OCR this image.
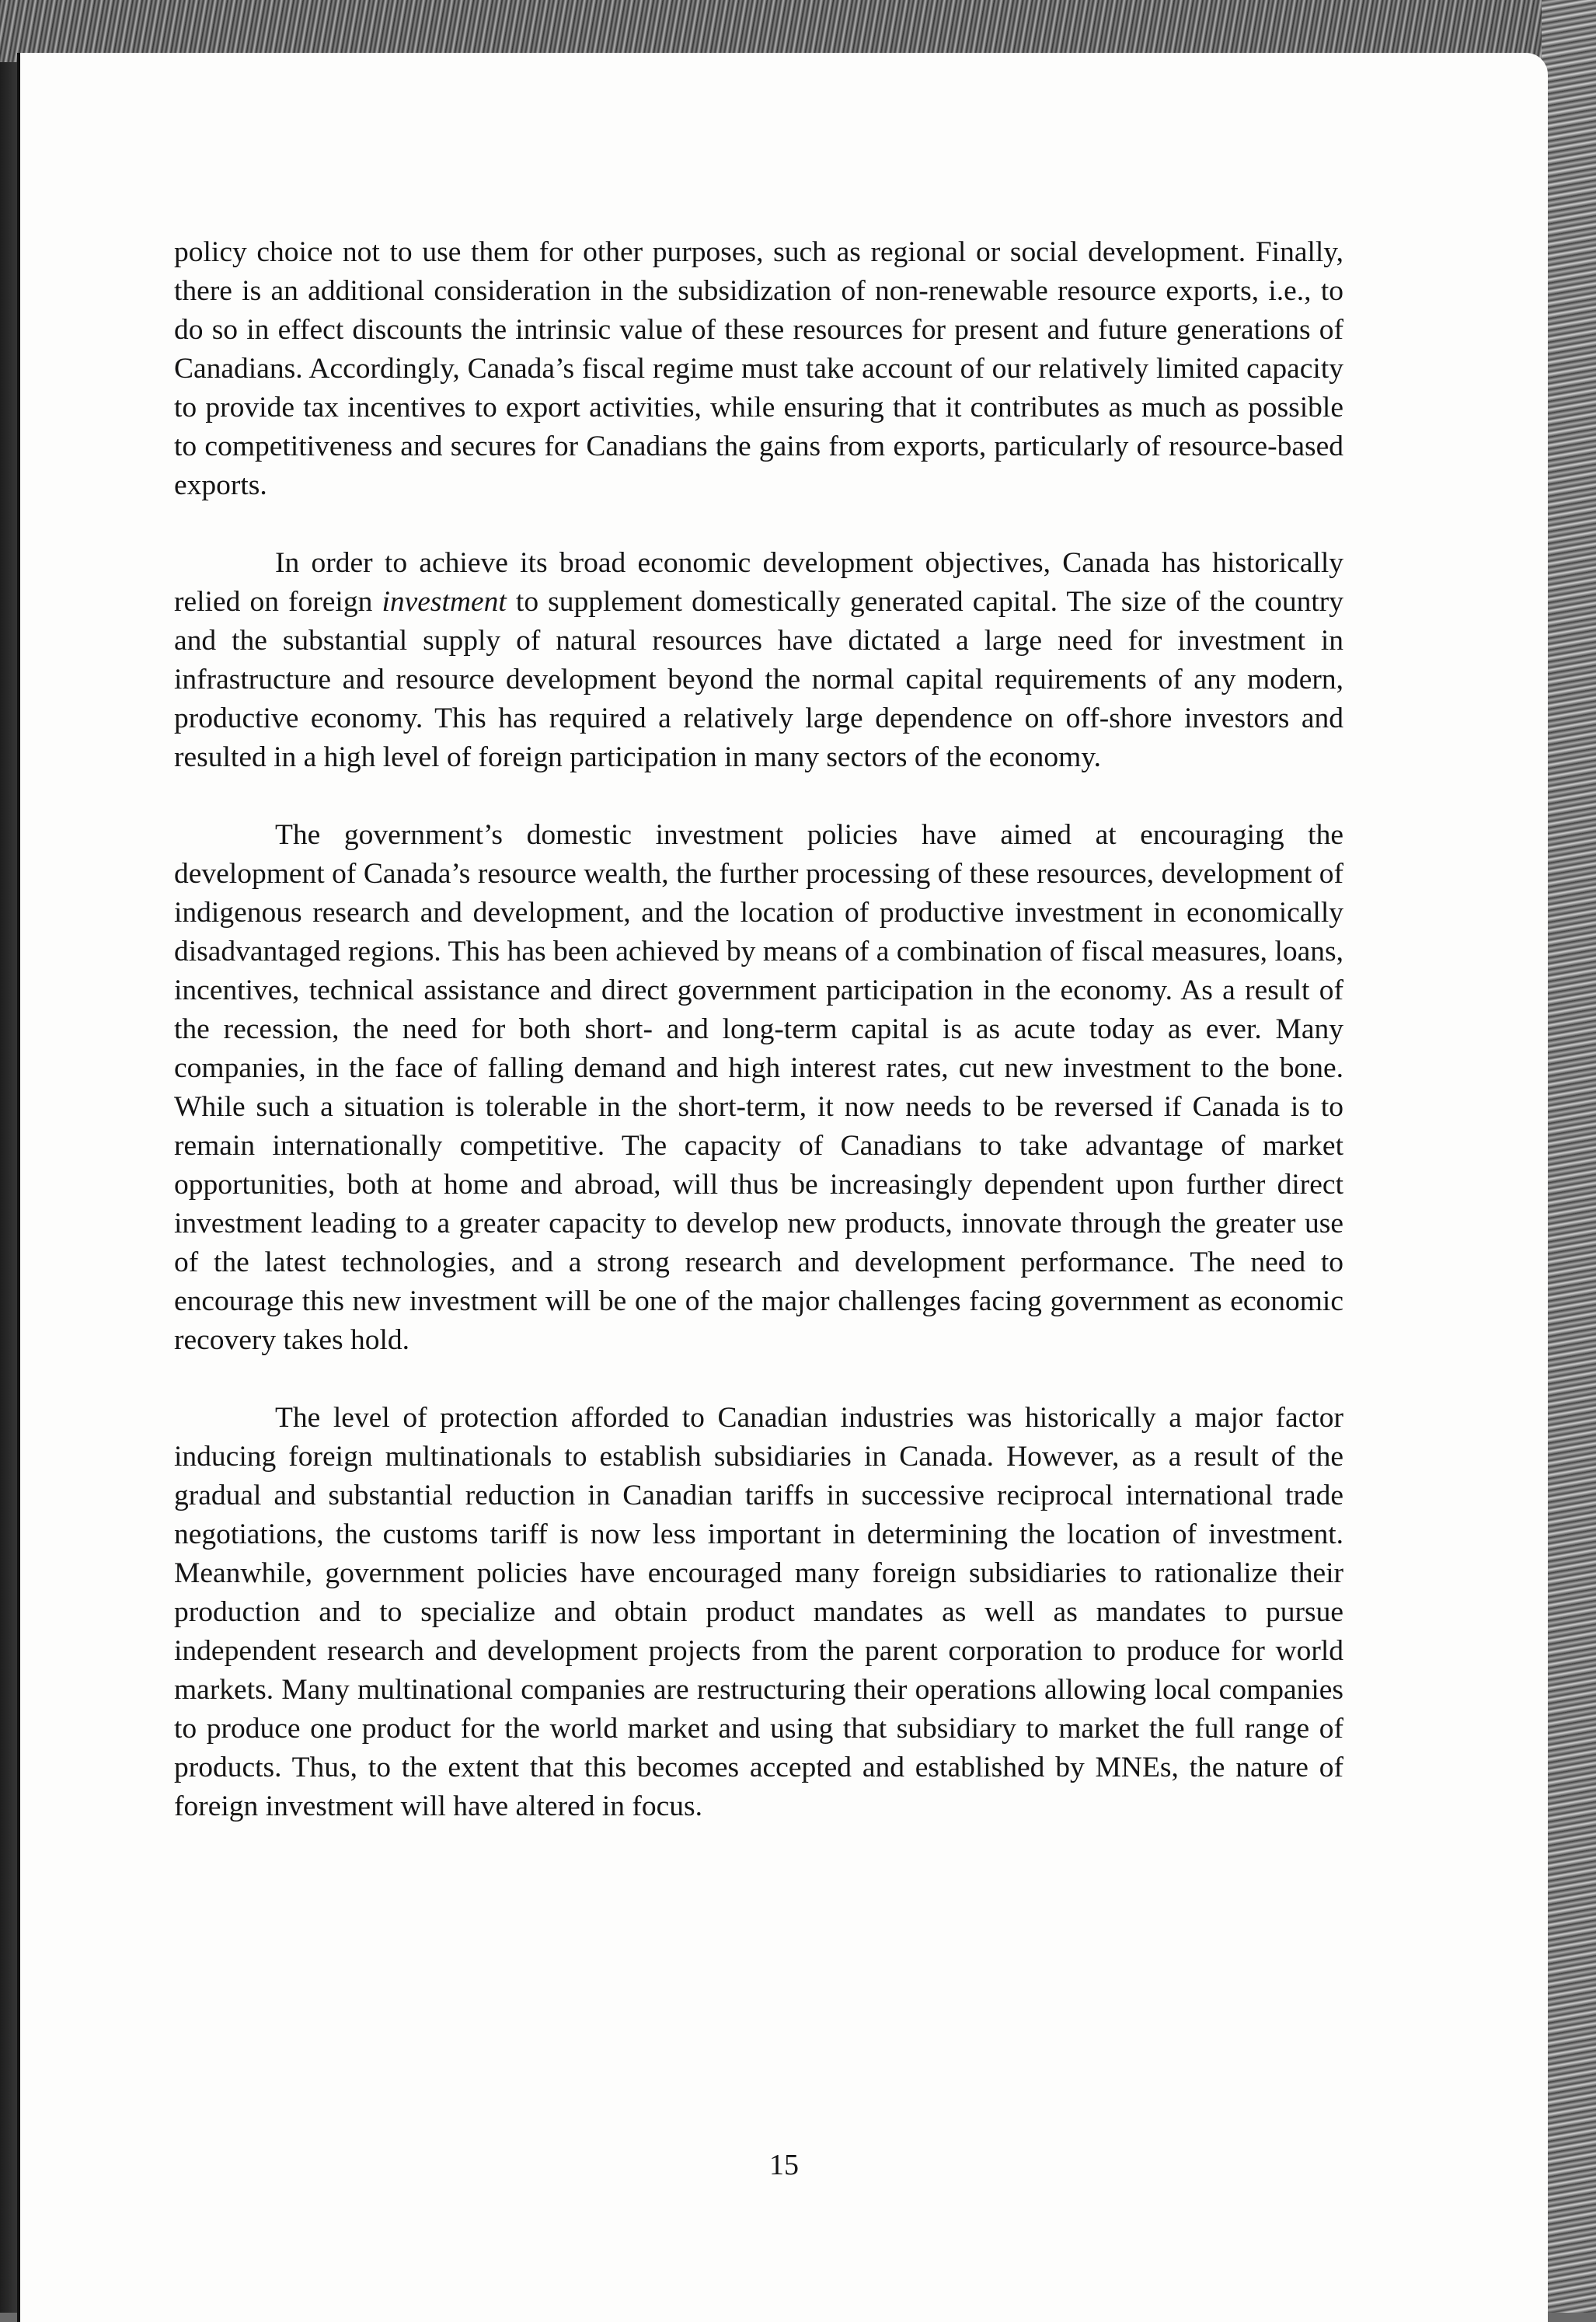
policy choice not to use them for other purposes, such as regional or social development. Finally, there is an additional consideration in the subsidization of non-renewable resource exports, i.e., to do so in effect discounts the intrinsic value of these resources for present and future generations of Canadians. Accordingly, Canada’s fiscal regime must take account of our relatively limited capacity to provide tax incentives to export activities, while ensuring that it contributes as much as possible to competitiveness and secures for Canadians the gains from exports, particularly of resource-based exports.

In order to achieve its broad economic development objectives, Canada has historically relied on foreign investment to supplement domestically generated capital. The size of the country and the substantial supply of natural resources have dictated a large need for investment in infrastructure and resource development beyond the normal capital requirements of any modern, productive economy. This has required a relatively large dependence on off-shore investors and resulted in a high level of foreign participation in many sectors of the economy.

The government’s domestic investment policies have aimed at encouraging the development of Canada’s resource wealth, the further processing of these resources, development of indigenous research and development, and the location of productive investment in economically disadvantaged regions. This has been achieved by means of a combination of fiscal measures, loans, incentives, technical assistance and direct government participation in the economy. As a result of the recession, the need for both short- and long-term capital is as acute today as ever. Many companies, in the face of falling demand and high interest rates, cut new investment to the bone. While such a situation is tolerable in the short-term, it now needs to be reversed if Canada is to remain internationally competitive. The capacity of Canadians to take advantage of market opportunities, both at home and abroad, will thus be increasingly dependent upon further direct investment leading to a greater capacity to develop new products, innovate through the greater use of the latest technologies, and a strong research and development performance. The need to encourage this new investment will be one of the major challenges facing government as economic recovery takes hold.

The level of protection afforded to Canadian industries was historically a major factor inducing foreign multinationals to establish subsidiaries in Canada. However, as a result of the gradual and substantial reduction in Canadian tariffs in successive reciprocal international trade negotiations, the customs tariff is now less important in determining the location of investment. Meanwhile, government policies have encouraged many foreign subsidiaries to rationalize their production and to specialize and obtain product mandates as well as mandates to pursue independent research and development projects from the parent corporation to produce for world markets. Many multinational companies are restructuring their operations allowing local companies to produce one product for the world market and using that subsidiary to market the full range of products. Thus, to the extent that this becomes accepted and established by MNEs, the nature of foreign investment will have altered in focus.

15
